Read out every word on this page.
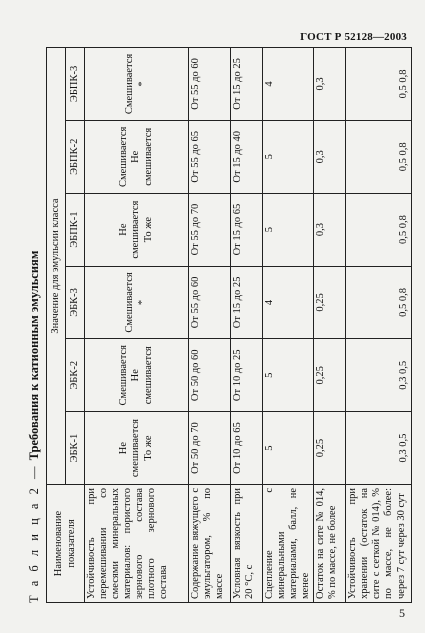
ГОСТ Р 52128—2003
Т а б л и ц а 2 — Требования к катионным эмульсиям
Наименование показателя	Значение для эмульсии класса					
	ЭБК-1	ЭБК-2	ЭБК-3	ЭБПК-1	ЭБПК-2	ЭБПК-3
Устойчивость при перемешивании со смесями минеральных материалов: пористого зернового состава плотного зернового состава	Не смешивается То же	Смешивается Не смешивается	Смешивается *	Не смешивается То же	Смешивается Не смешивается	Смешивается *
Содержание вяжущего с эмульгатором, % по массе	От 50 до 70	От 50 до 60	От 55 до 60	От 55 до 70	От 55 до 65	От 55 до 60
Условная вязкость при 20 °С, с	От 10 до 65	От 10 до 25	От 15 до 25	От 15 до 65	От 15 до 40	От 15 до 25
Сцепление с минеральными материалами, балл, не менее	5	5	4	5	5	4
Остаток на сите № 014, % по массе, не более	0,25	0,25	0,25	0,3	0,3	0,3
Устойчивость при хранении (остаток на сите с сеткой № 014), % по массе, не более: через 7 сут через 30 сут	0,3 0,5	0,3 0,5	0,5 0,8	0,5 0,8	0,5 0,8	0,5 0,8
5
